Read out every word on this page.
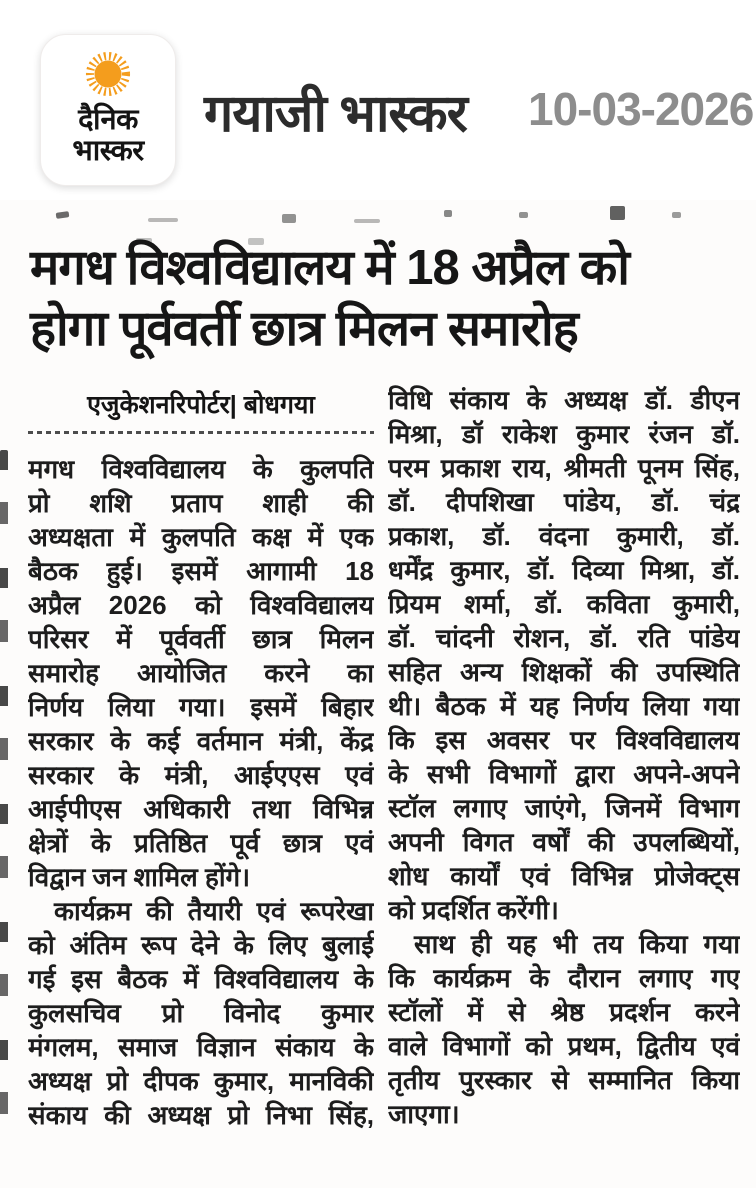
दैनिक
भास्कर
गयाजी भास्कर 10-03-2026
मगध विश्वविद्यालय में 18 अप्रैल को
होगा पूर्ववर्ती छात्र मिलन समारोह
एजुकेशनरिपोर्टर| बोधगया
मगध विश्वविद्यालय के कुलपति
प्रो शशि प्रताप शाही की
अध्यक्षता में कुलपति कक्ष में एक
बैठक हुई। इसमें आगामी 18
अप्रैल 2026 को विश्वविद्यालय
परिसर में पूर्ववर्ती छात्र मिलन
समारोह आयोजित करने का
निर्णय लिया गया। इसमें बिहार
सरकार के कई वर्तमान मंत्री, केंद्र
सरकार के मंत्री, आईएएस एवं
आईपीएस अधिकारी तथा विभिन्न
क्षेत्रों के प्रतिष्ठित पूर्व छात्र एवं
विद्वान जन शामिल होंगे।
कार्यक्रम की तैयारी एवं रूपरेखा
को अंतिम रूप देने के लिए बुलाई
गई इस बैठक में विश्वविद्यालय के
कुलसचिव प्रो विनोद कुमार
मंगलम, समाज विज्ञान संकाय के
अध्यक्ष प्रो दीपक कुमार, मानविकी
संकाय की अध्यक्ष प्रो निभा सिंह,
विधि संकाय के अध्यक्ष डॉ. डीएन
मिश्रा, डॉ राकेश कुमार रंजन डॉ.
परम प्रकाश राय, श्रीमती पूनम सिंह,
डॉ. दीपशिखा पांडेय, डॉ. चंद्र
प्रकाश, डॉ. वंदना कुमारी, डॉ.
धर्मेंद्र कुमार, डॉ. दिव्या मिश्रा, डॉ.
प्रियम शर्मा, डॉ. कविता कुमारी,
डॉ. चांदनी रोशन, डॉ. रति पांडेय
सहित अन्य शिक्षकों की उपस्थिति
थी। बैठक में यह निर्णय लिया गया
कि इस अवसर पर विश्वविद्यालय
के सभी विभागों द्वारा अपने-अपने
स्टॉल लगाए जाएंगे, जिनमें विभाग
अपनी विगत वर्षों की उपलब्धियों,
शोध कार्यों एवं विभिन्न प्रोजेक्ट्स
को प्रदर्शित करेंगी।
साथ ही यह भी तय किया गया
कि कार्यक्रम के दौरान लगाए गए
स्टॉलों में से श्रेष्ठ प्रदर्शन करने
वाले विभागों को प्रथम, द्वितीय एवं
तृतीय पुरस्कार से सम्मानित किया
जाएगा।
